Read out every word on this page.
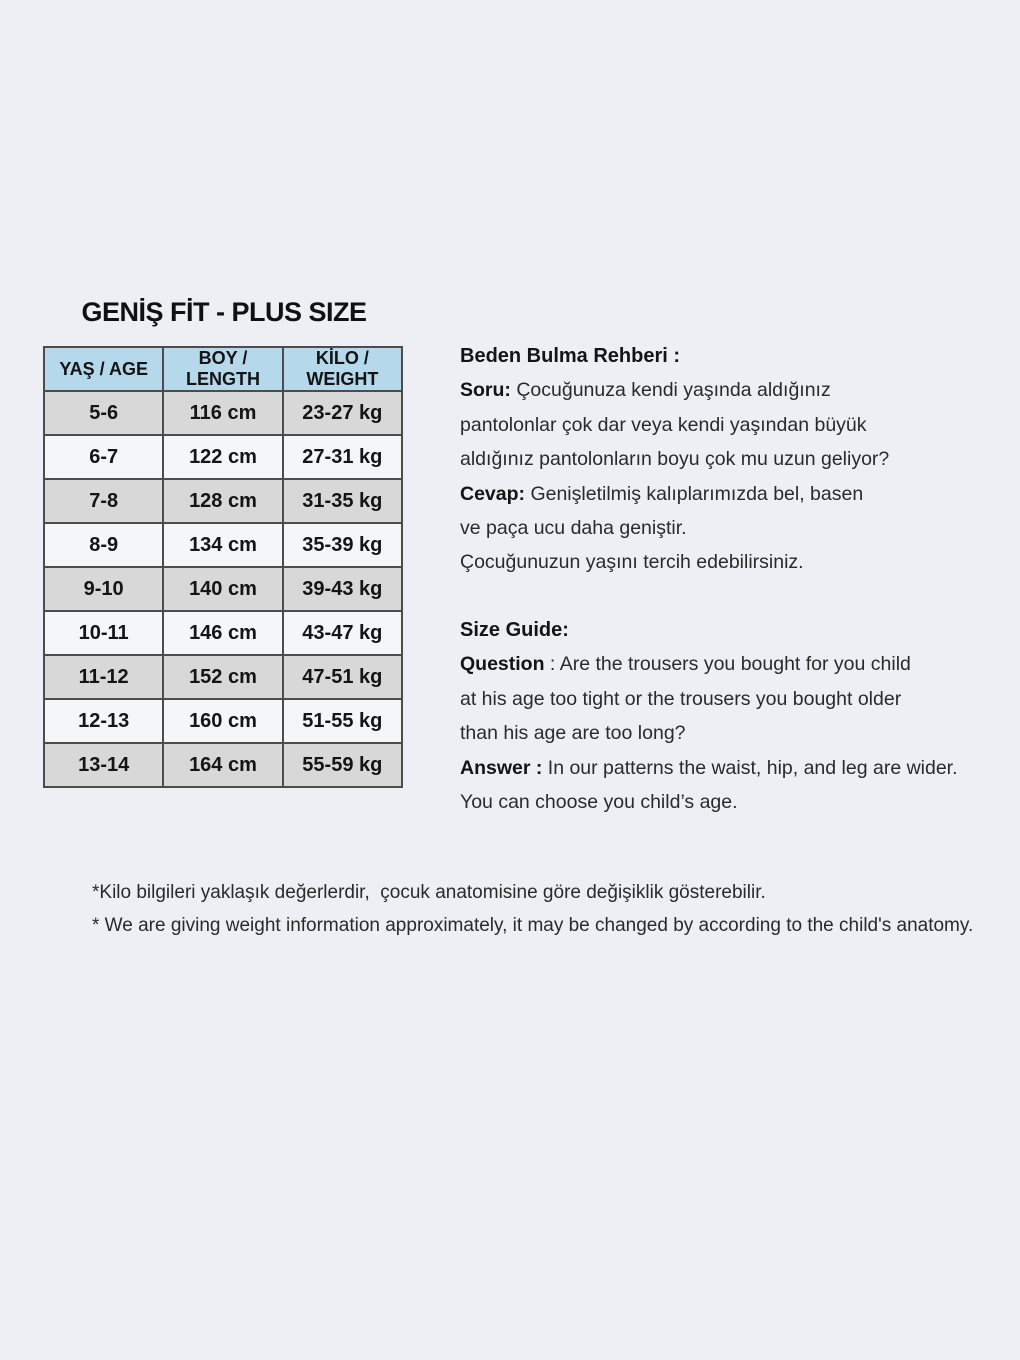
GENİŞ FİT - PLUS SIZE
YAŞ / AGE	BOY / LENGTH	KİLO / WEIGHT
5-6	116 cm	23-27 kg
6-7	122 cm	27-31 kg
7-8	128 cm	31-35 kg
8-9	134 cm	35-39 kg
9-10	140 cm	39-43 kg
10-11	146 cm	43-47 kg
11-12	152 cm	47-51 kg
12-13	160 cm	51-55 kg
13-14	164 cm	55-59 kg
Beden Bulma Rehberi :
Soru: Çocuğunuza kendi yaşında aldığınız
pantolonlar çok dar veya kendi yaşından büyük
aldığınız pantolonların boyu çok mu uzun geliyor?
Cevap: Genişletilmiş kalıplarımızda bel, basen
ve paça ucu daha geniştir.
Çocuğunuzun yaşını tercih edebilirsiniz.
Size Guide:
Question : Are the trousers you bought for you child
at his age too tight or the trousers you bought older
than his age are too long?
Answer : In our patterns the waist, hip, and leg are wider.
You can choose you child’s age.
*Kilo bilgileri yaklaşık değerlerdir,  çocuk anatomisine göre değişiklik gösterebilir.
* We are giving weight information approximately, it may be changed by according to the child's anatomy.
